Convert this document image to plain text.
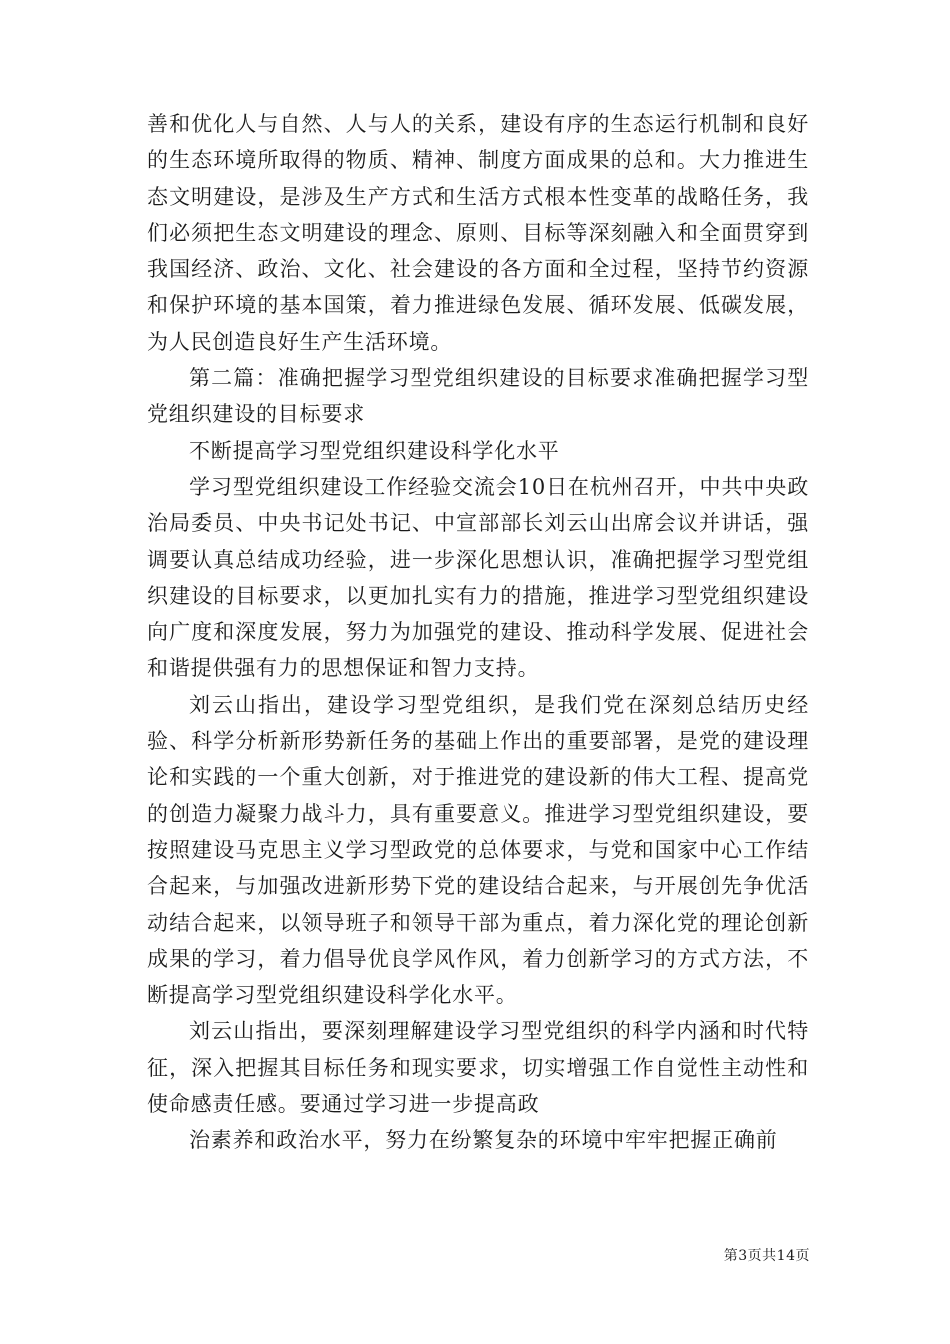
善和优化人与自然、人与人的关系，建设有序的生态运行机制和良好的生态环境所取得的物质、精神、制度方面成果的总和。大力推进生态文明建设，是涉及生产方式和生活方式根本性变革的战略任务，我们必须把生态文明建设的理念、原则、目标等深刻融入和全面贯穿到我国经济、政治、文化、社会建设的各方面和全过程，坚持节约资源和保护环境的基本国策，着力推进绿色发展、循环发展、低碳发展，为人民创造良好生产生活环境。

第二篇：准确把握学习型党组织建设的目标要求准确把握学习型党组织建设的目标要求

不断提高学习型党组织建设科学化水平

学习型党组织建设工作经验交流会10日在杭州召开，中共中央政治局委员、中央书记处书记、中宣部部长刘云山出席会议并讲话，强调要认真总结成功经验，进一步深化思想认识，准确把握学习型党组织建设的目标要求，以更加扎实有力的措施，推进学习型党组织建设向广度和深度发展，努力为加强党的建设、推动科学发展、促进社会和谐提供强有力的思想保证和智力支持。

刘云山指出，建设学习型党组织，是我们党在深刻总结历史经验、科学分析新形势新任务的基础上作出的重要部署，是党的建设理论和实践的一个重大创新，对于推进党的建设新的伟大工程、提高党的创造力凝聚力战斗力，具有重要意义。推进学习型党组织建设，要按照建设马克思主义学习型政党的总体要求，与党和国家中心工作结合起来，与加强改进新形势下党的建设结合起来，与开展创先争优活动结合起来，以领导班子和领导干部为重点，着力深化党的理论创新成果的学习，着力倡导优良学风作风，着力创新学习的方式方法，不断提高学习型党组织建设科学化水平。

刘云山指出，要深刻理解建设学习型党组织的科学内涵和时代特征，深入把握其目标任务和现实要求，切实增强工作自觉性主动性和使命感责任感。要通过学习进一步提高政

治素养和政治水平，努力在纷繁复杂的环境中牢牢把握正确前

第3页共14页
